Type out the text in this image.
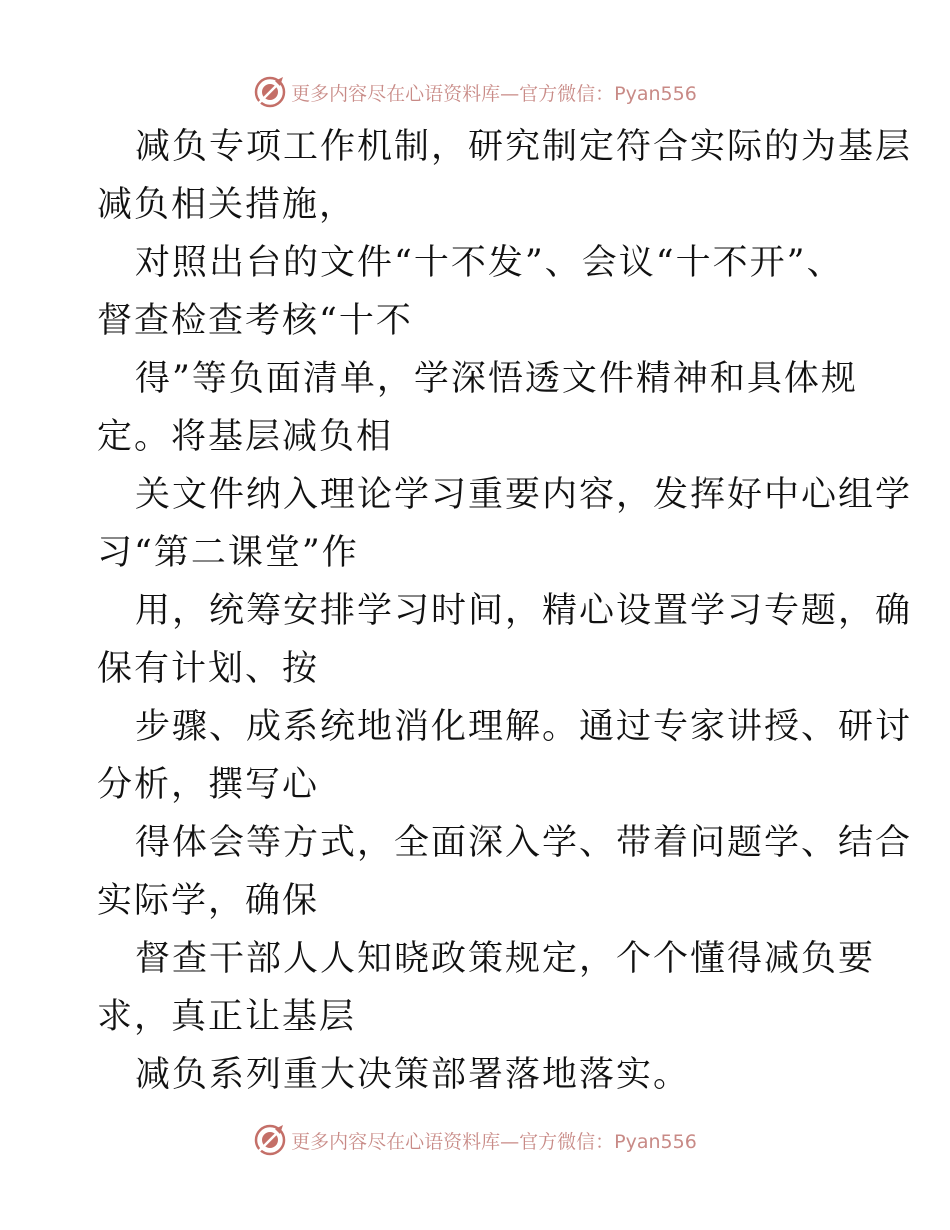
更多内容尽在心语资料库—官方微信：Pyan556
减负专项工作机制，研究制定符合实际的为基层
减负相关措施，
对照出台的文件“十不发”、会议“十不开”、
督查检查考核“十不
得”等负面清单，学深悟透文件精神和具体规
定。将基层减负相
关文件纳入理论学习重要内容，发挥好中心组学
习“第二课堂”作
用，统筹安排学习时间，精心设置学习专题，确
保有计划、按
步骤、成系统地消化理解。通过专家讲授、研讨
分析，撰写心
得体会等方式，全面深入学、带着问题学、结合
实际学，确保
督查干部人人知晓政策规定，个个懂得减负要
求，真正让基层
减负系列重大决策部署落地落实。
更多内容尽在心语资料库—官方微信：Pyan556
